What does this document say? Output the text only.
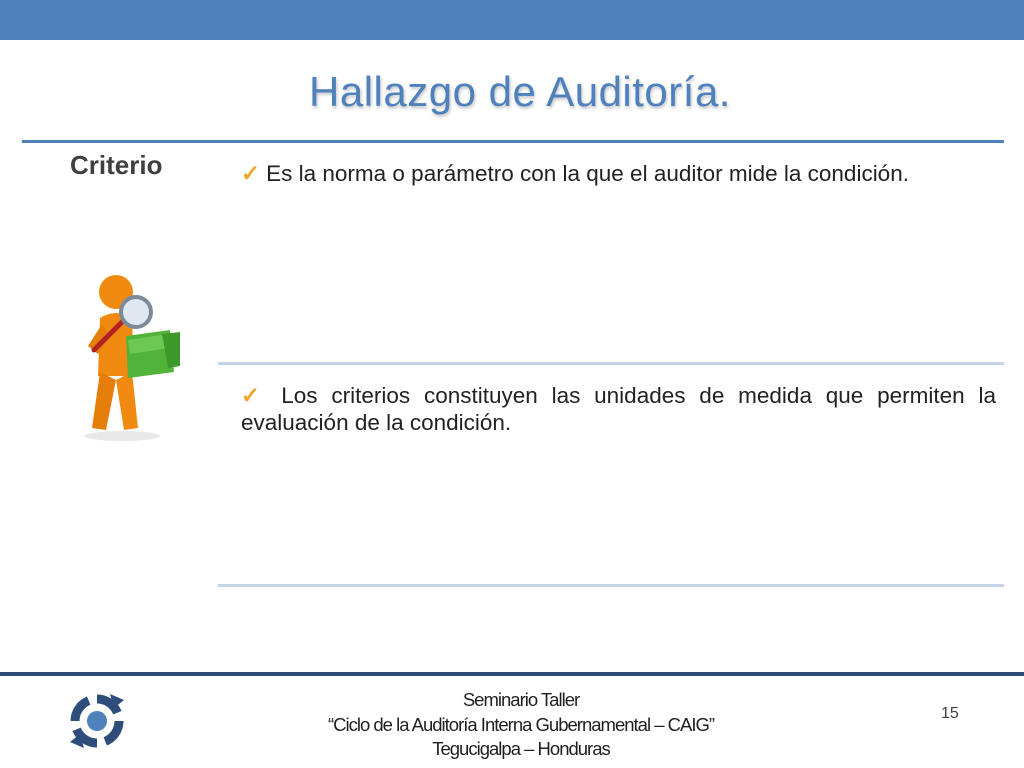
Hallazgo de Auditoría.
Criterio	✓ Es la norma o parámetro con la que el auditor mide la condición.
✓ Los criterios constituyen las unidades de medida que permiten la evaluación de la condición.
Seminario Taller
“Ciclo de la Auditoría Interna Gubernamental – CAIG”
Tegucigalpa – Honduras
15
